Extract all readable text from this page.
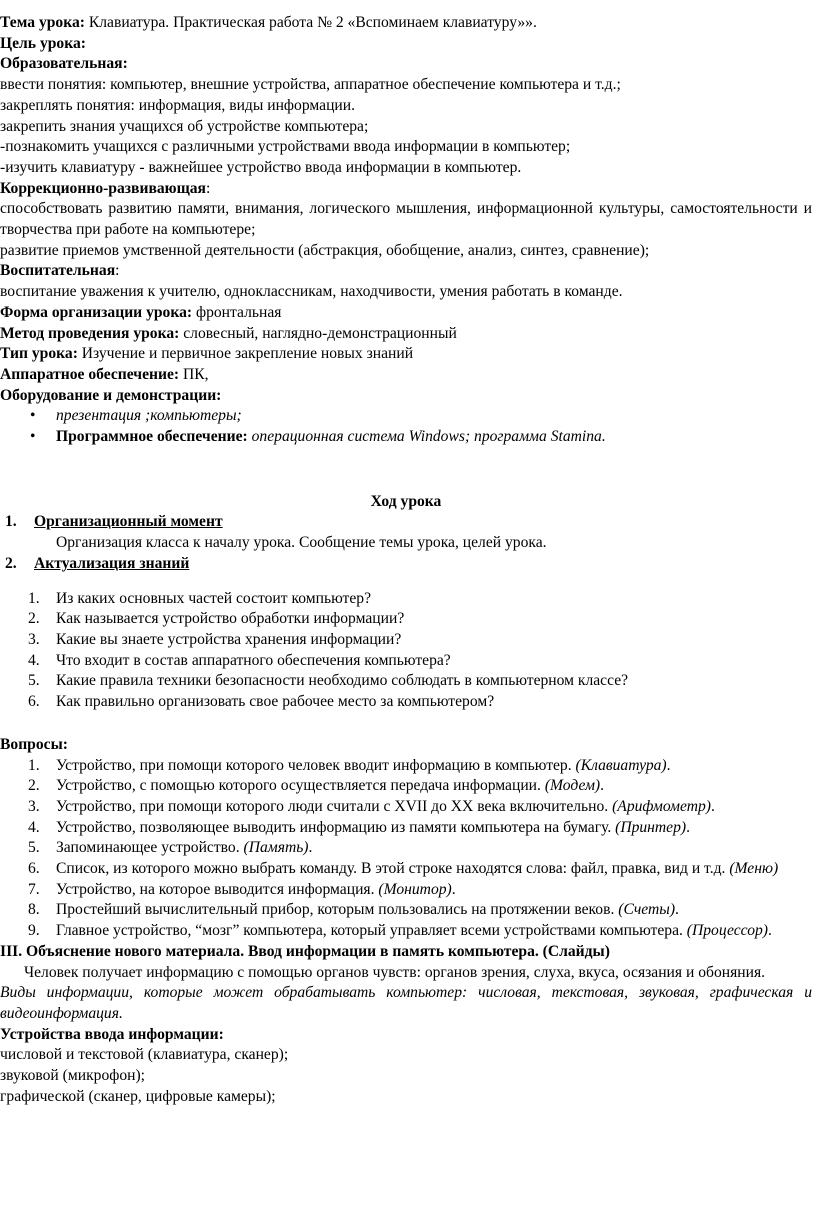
Тема урока: Клавиатура. Практическая работа № 2 «Вспоминаем клавиатуру»».

Цель урока:

Образовательная:

ввести понятия: компьютер, внешние устройства, аппаратное обеспечение компьютера и т.д.;

закреплять понятия: информация, виды информации.

закрепить знания учащихся об устройстве компьютера;

-познакомить учащихся с различными устройствами ввода информации в компьютер;

-изучить клавиатуру - важнейшее устройство ввода информации в компьютер.

Коррекционно-развивающая:

способствовать развитию памяти, внимания, логического мышления, информационной культуры, самостоятельности и творчества при работе на компьютере;

развитие приемов умственной деятельности (абстракция, обобщение, анализ, синтез, сравнение);

Воспитательная:

воспитание уважения к учителю, одноклассникам, находчивости, умения работать в команде.

Форма организации урока: фронтальная

Метод проведения урока: словесный, наглядно-демонстрационный

Тип урока: Изучение и первичное закрепление новых знаний

Аппаратное обеспечение: ПК,

Оборудование и демонстрации:

• презентация ;компьютеры;

• Программное обеспечение: операционная система Windows; программа Stamina.

Ход урока

1. Организационный момент

Организация класса к началу урока. Сообщение темы урока, целей урока.

2. Актуализация знаний

1. Из каких основных частей состоит компьютер?

2. Как называется устройство обработки информации?

3. Какие вы знаете устройства хранения информации?

4. Что входит в состав аппаратного обеспечения компьютера?

5. Какие правила техники безопасности необходимо соблюдать в компьютерном классе?

6. Как правильно организовать свое рабочее место за компьютером?

Вопросы:

1. Устройство, при помощи которого человек вводит информацию в компьютер. (Клавиатура).

2. Устройство, с помощью которого осуществляется передача информации. (Модем).

3. Устройство, при помощи которого люди считали с XVII до XX века включительно. (Арифмометр).

4. Устройство, позволяющее выводить информацию из памяти компьютера на бумагу. (Принтер).

5. Запоминающее устройство. (Память).

6. Список, из которого можно выбрать команду. В этой строке находятся слова: файл, правка, вид и т.д. (Меню)

7. Устройство, на которое выводится информация. (Монитор).

8. Простейший вычислительный прибор, которым пользовались на протяжении веков. (Счеты).

9. Главное устройство, “мозг” компьютера, который управляет всеми устройствами компьютера. (Процессор).

III. Объяснение нового материала. Ввод информации в память компьютера. (Слайды)

Человек получает информацию с помощью органов чувств: органов зрения, слуха, вкуса, осязания и обоняния.

Виды информации, которые может обрабатывать компьютер: числовая, текстовая, звуковая, графическая и видеоинформация.

Устройства ввода информации:

числовой и текстовой (клавиатура, сканер);

звуковой (микрофон);

графической (сканер, цифровые камеры);
